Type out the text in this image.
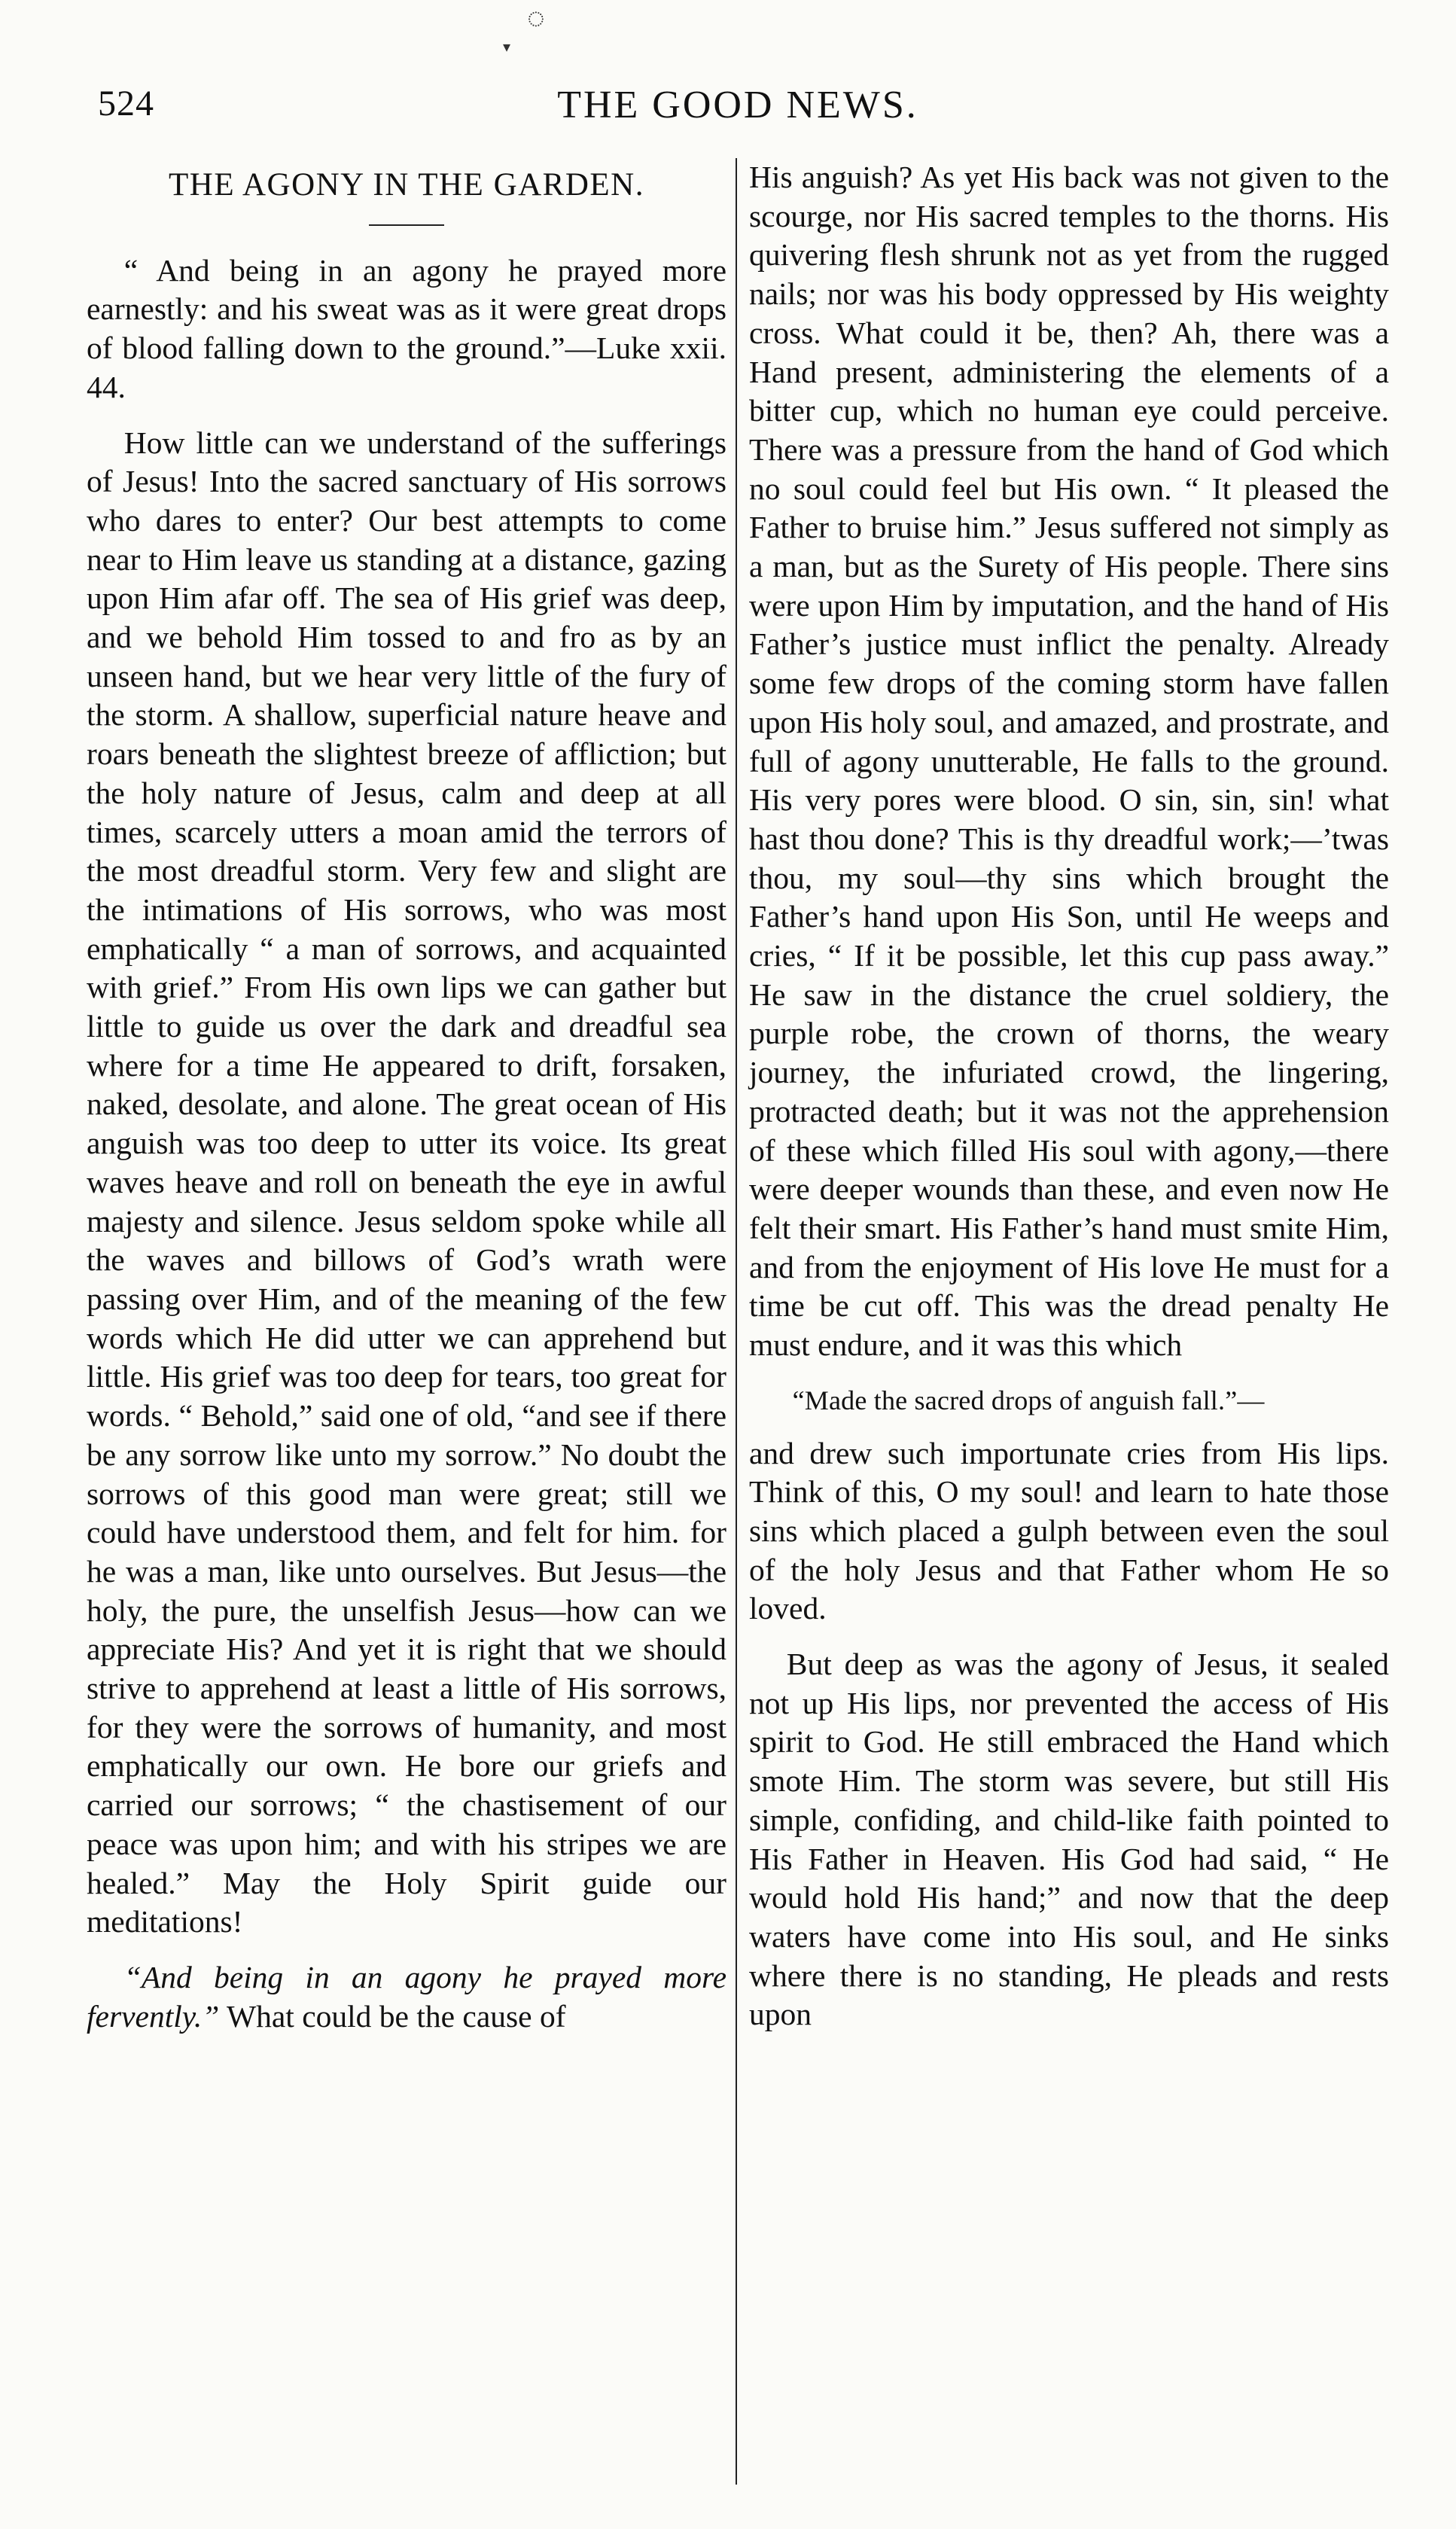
◌
▾
524	THE GOOD NEWS.
THE AGONY IN THE GARDEN.

“ And being in an agony he prayed more earnestly: and his sweat was as it were great drops of blood falling down to the ground.”—Luke xxii. 44.

How little can we understand of the sufferings of Jesus! Into the sacred sanctuary of His sorrows who dares to enter? Our best attempts to come near to Him leave us standing at a distance, gazing upon Him afar off. The sea of His grief was deep, and we behold Him tossed to and fro as by an unseen hand, but we hear very little of the fury of the storm. A shallow, superficial nature heave and roars beneath the slightest breeze of affliction; but the holy nature of Jesus, calm and deep at all times, scarcely utters a moan amid the terrors of the most dreadful storm. Very few and slight are the intimations of His sorrows, who was most emphatically “ a man of sorrows, and acquainted with grief.” From His own lips we can gather but little to guide us over the dark and dreadful sea where for a time He appeared to drift, forsaken, naked, desolate, and alone. The great ocean of His anguish was too deep to utter its voice. Its great waves heave and roll on beneath the eye in awful majesty and silence. Jesus seldom spoke while all the waves and billows of God’s wrath were passing over Him, and of the meaning of the few words which He did utter we can apprehend but little. His grief was too deep for tears, too great for words. “ Behold,” said one of old, “and see if there be any sorrow like unto my sorrow.” No doubt the sorrows of this good man were great; still we could have understood them, and felt for him. for he was a man, like unto ourselves. But Jesus—the holy, the pure, the unselfish Jesus—how can we appreciate His? And yet it is right that we should strive to apprehend at least a little of His sorrows, for they were the sorrows of humanity, and most emphatically our own. He bore our griefs and carried our sorrows; “ the chastisement of our peace was upon him; and with his stripes we are healed.” May the Holy Spirit guide our meditations!

“And being in an agony he prayed more fervently.” What could be the cause of

His anguish? As yet His back was not given to the scourge, nor His sacred temples to the thorns. His quivering flesh shrunk not as yet from the rugged nails; nor was his body oppressed by His weighty cross. What could it be, then? Ah, there was a Hand present, administering the elements of a bitter cup, which no human eye could perceive. There was a pressure from the hand of God which no soul could feel but His own. “ It pleased the Father to bruise him.” Jesus suffered not simply as a man, but as the Surety of His people. There sins were upon Him by imputation, and the hand of His Father’s justice must inflict the penalty. Already some few drops of the coming storm have fallen upon His holy soul, and amazed, and prostrate, and full of agony unutterable, He falls to the ground. His very pores were blood. O sin, sin, sin! what hast thou done? This is thy dreadful work;—’twas thou, my soul—thy sins which brought the Father’s hand upon His Son, until He weeps and cries, “ If it be possible, let this cup pass away.” He saw in the distance the cruel soldiery, the purple robe, the crown of thorns, the weary journey, the infuriated crowd, the lingering, protracted death; but it was not the apprehension of these which filled His soul with agony,—there were deeper wounds than these, and even now He felt their smart. His Father’s hand must smite Him, and from the enjoyment of His love He must for a time be cut off. This was the dread penalty He must endure, and it was this which

“Made the sacred drops of anguish fall.”—

and drew such importunate cries from His lips. Think of this, O my soul! and learn to hate those sins which placed a gulph between even the soul of the holy Jesus and that Father whom He so loved.

But deep as was the agony of Jesus, it sealed not up His lips, nor prevented the access of His spirit to God. He still embraced the Hand which smote Him. The storm was severe, but still His simple, confiding, and child-like faith pointed to His Father in Heaven. His God had said, “ He would hold His hand;” and now that the deep waters have come into His soul, and He sinks where there is no standing, He pleads and rests upon
